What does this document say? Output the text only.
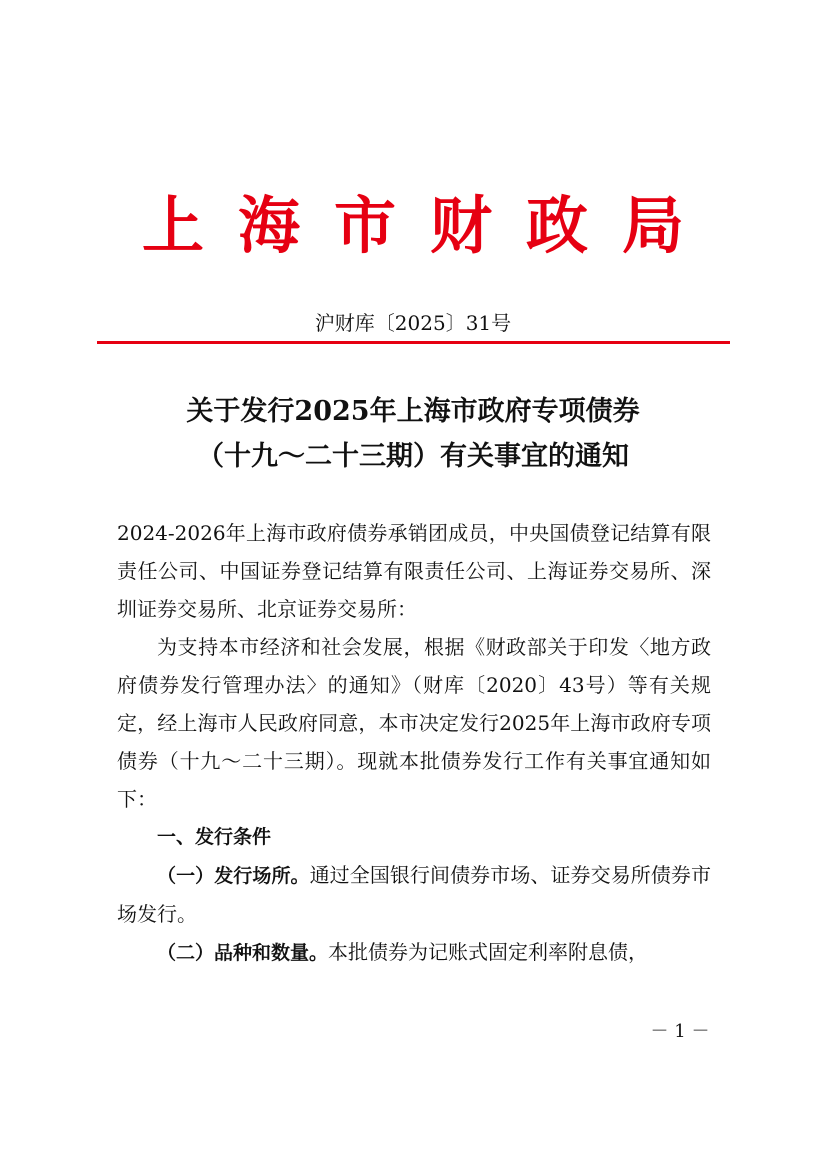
上海市财政局
沪财库〔2025〕31号
关于发行2025年上海市政府专项债券
（十九～二十三期）有关事宜的通知

2024-2026年上海市政府债券承销团成员，中央国债登记结算有限责任公司、中国证券登记结算有限责任公司、上海证券交易所、深圳证券交易所、北京证券交易所：

为支持本市经济和社会发展，根据《财政部关于印发〈地方政府债券发行管理办法〉的通知》（财库〔2020〕43号）等有关规定，经上海市人民政府同意，本市决定发行2025年上海市政府专项债券（十九～二十三期）。现就本批债券发行工作有关事宜通知如下：

一、发行条件

（一）发行场所。通过全国银行间债券市场、证券交易所债券市场发行。

（二）品种和数量。本批债券为记账式固定利率附息债，

－ 1 －
